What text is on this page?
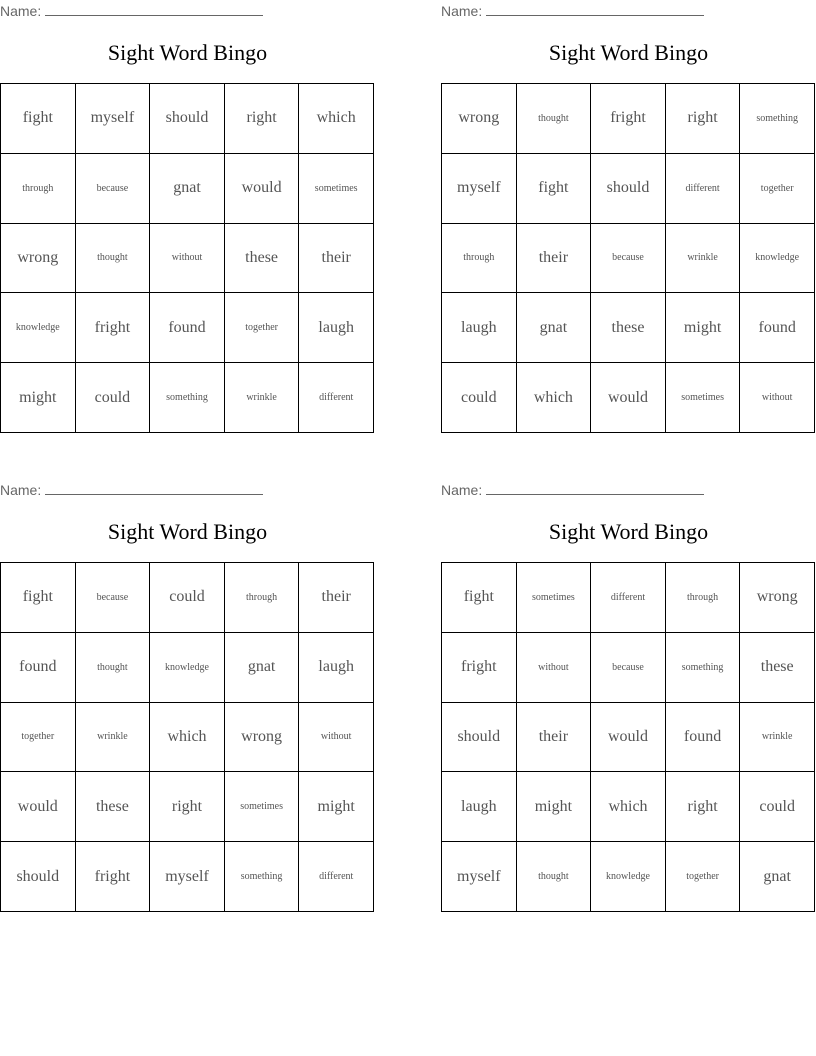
Name:
Sight Word Bingo
fight	myself	should	right	which
through	because	gnat	would	sometimes
wrong	thought	without	these	their
knowledge	fright	found	together	laugh
might	could	something	wrinkle	different
Name:
Sight Word Bingo
wrong	thought	fright	right	something
myself	fight	should	different	together
through	their	because	wrinkle	knowledge
laugh	gnat	these	might	found
could	which	would	sometimes	without
Name:
Sight Word Bingo
fight	because	could	through	their
found	thought	knowledge	gnat	laugh
together	wrinkle	which	wrong	without
would	these	right	sometimes	might
should	fright	myself	something	different
Name:
Sight Word Bingo
fight	sometimes	different	through	wrong
fright	without	because	something	these
should	their	would	found	wrinkle
laugh	might	which	right	could
myself	thought	knowledge	together	gnat
